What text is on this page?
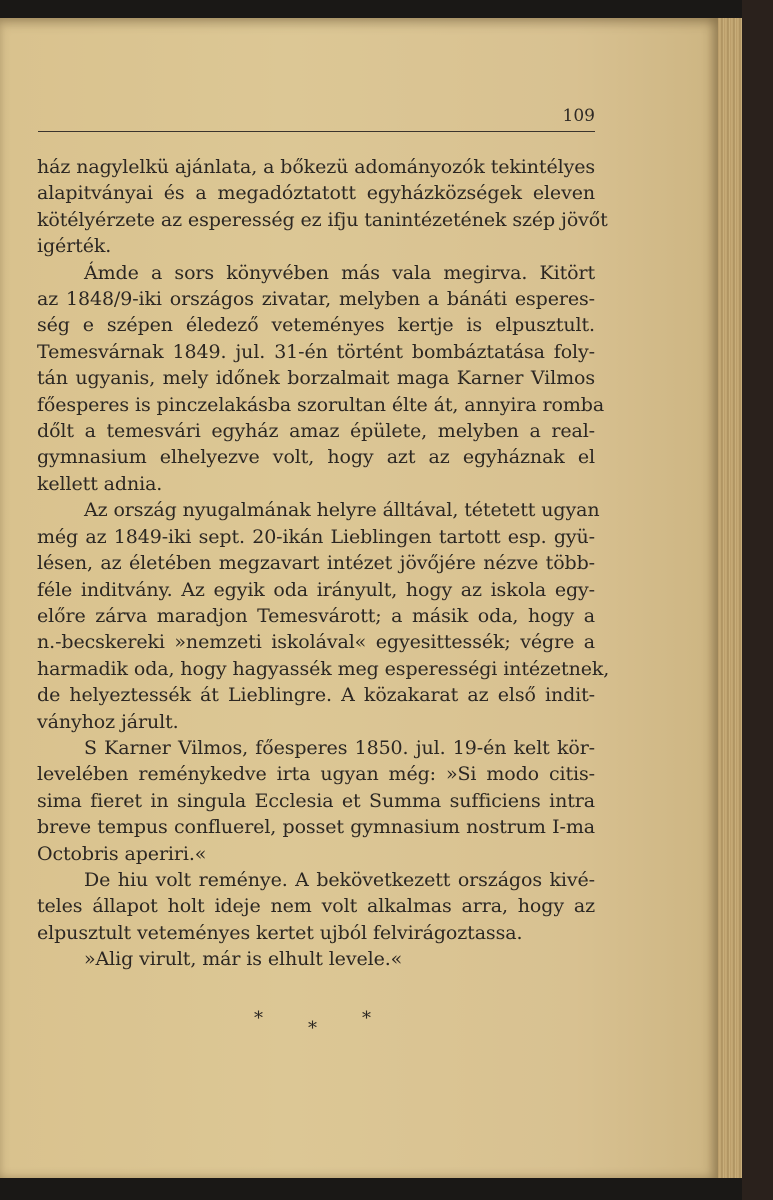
109
ház nagylelkü ajánlata, a bőkezü adományozók tekintélyes
alapitványai és a megadóztatott egyházközségek eleven
kötélyérzete az esperesség ez ifju tanintézetének szép jövőt
igérték.
Ámde a sors könyvében más vala megirva. Kitört
az 1848/9-iki országos zivatar, melyben a bánáti esperes-
ség e szépen éledező veteményes kertje is elpusztult.
Temesvárnak 1849. jul. 31-én történt bombáztatása foly-
tán ugyanis, mely időnek borzalmait maga Karner Vilmos
főesperes is pinczelakásba szorultan élte át, annyira romba
dőlt a temesvári egyház amaz épülete, melyben a real-
gymnasium elhelyezve volt, hogy azt az egyháznak el
kellett adnia.
Az ország nyugalmának helyre álltával, tétetett ugyan
még az 1849-iki sept. 20-ikán Lieblingen tartott esp. gyü-
lésen, az életében megzavart intézet jövőjére nézve több-
féle inditvány. Az egyik oda irányult, hogy az iskola egy-
előre zárva maradjon Temesvárott; a másik oda, hogy a
n.-becskereki »nemzeti iskolával« egyesittessék; végre a
harmadik oda, hogy hagyassék meg esperességi intézetnek,
de helyeztessék át Lieblingre. A közakarat az első indit-
ványhoz járult.
S Karner Vilmos, főesperes 1850. jul. 19-én kelt kör-
levelében reménykedve irta ugyan még: »Si modo citis-
sima fieret in singula Ecclesia et Summa sufficiens intra
breve tempus confluerel, posset gymnasium nostrum I-ma
Octobris aperiri.«
De hiu volt reménye. A bekövetkezett országos kivé-
teles állapot holt ideje nem volt alkalmas arra, hogy az
elpusztult veteményes kertet ujból felvirágoztassa.
»Alig virult, már is elhult levele.«
*	*	*
